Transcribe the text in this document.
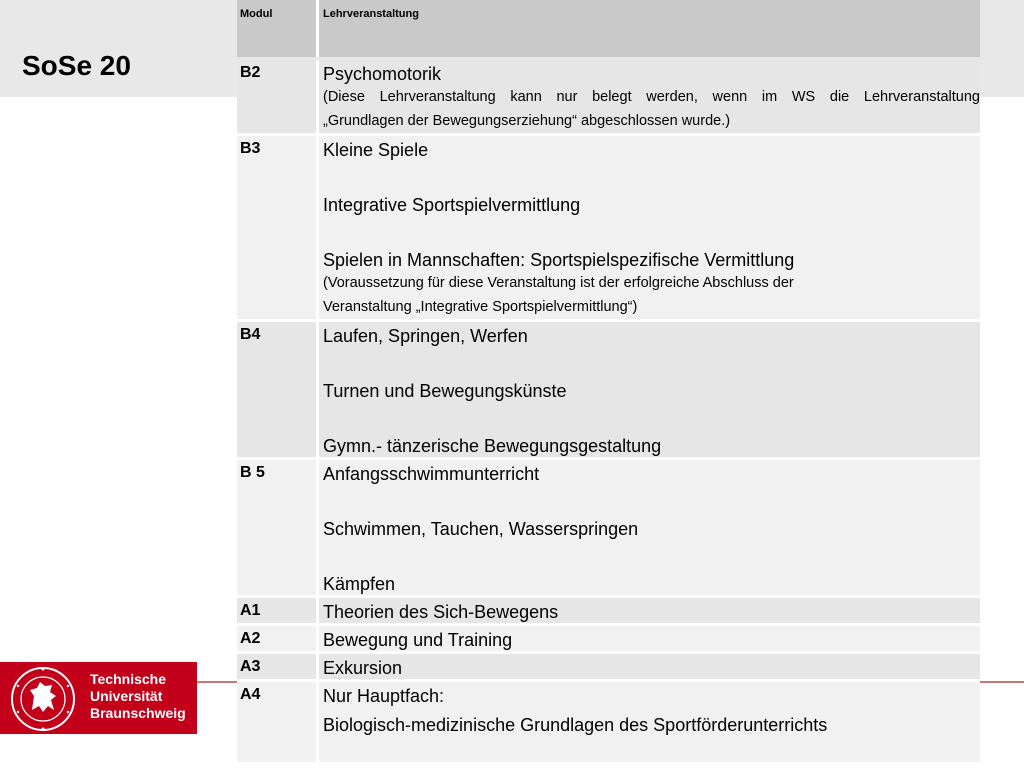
SoSe 20
Technische
Universität
Braunschweig
Modul	Lehrveranstaltung
B2	Psychomotorik
(Diese Lehrveranstaltung kann nur belegt werden, wenn im WS die Lehrveranstaltung
„Grundlagen der Bewegungserziehung“ abgeschlossen wurde.)

B3	Kleine Spiele
Integrative Sportspielvermittlung
Spielen in Mannschaften: Sportspielspezifische Vermittlung
(Voraussetzung für diese Veranstaltung ist der erfolgreiche Abschluss der
Veranstaltung „Integrative Sportspielvermittlung“)

B4	Laufen, Springen, Werfen
Turnen und Bewegungskünste
Gymn.- tänzerische Bewegungsgestaltung

B 5	Anfangsschwimmunterricht
Schwimmen, Tauchen, Wasserspringen
Kämpfen

A1	Theorien des Sich-Bewegens

A2	Bewegung und Training

A3	Exkursion

A4	Nur Hauptfach:
Biologisch-medizinische Grundlagen des Sportförderunterrichts
